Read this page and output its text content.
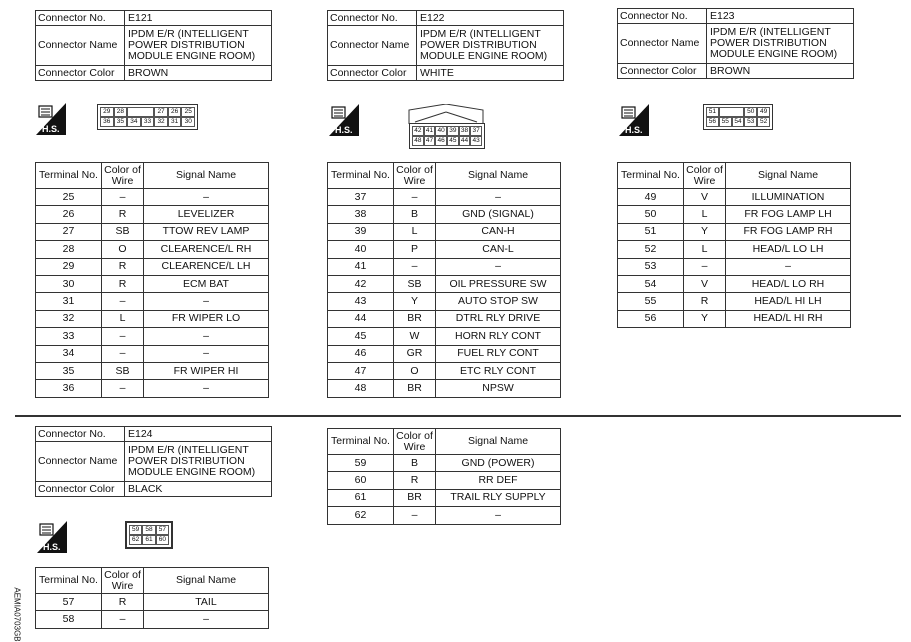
Connector No.	E121
Connector Name	IPDM E/R (INTELLIGENT POWER DISTRIBUTION MODULE ENGINE ROOM)
Connector Color	BROWN
Connector No.	E122
Connector Name	IPDM E/R (INTELLIGENT POWER DISTRIBUTION MODULE ENGINE ROOM)
Connector Color	WHITE
Connector No.	E123
Connector Name	IPDM E/R (INTELLIGENT POWER DISTRIBUTION MODULE ENGINE ROOM)
Connector Color	BROWN
Connector No.	E124
Connector Name	IPDM E/R (INTELLIGENT POWER DISTRIBUTION MODULE ENGINE ROOM)
Connector Color	BLACK
H.S.	H.S.	H.S.
H.S.
29 28	27 26 25
36 35 34 33 32 31 30
42 41 40 39 38 37
48 47 46 45 44 43
51	50 49
56 55 54 53 52
59 58 57
62 61 60
Terminal No.	Color of Wire	Signal Name
25	–	–
26	R	LEVELIZER
27	SB	TTOW REV LAMP
28	O	CLEARENCE/L RH
29	R	CLEARENCE/L LH
30	R	ECM BAT
31	–	–
32	L	FR WIPER LO
33	–	–
34	–	–
35	SB	FR WIPER HI
36	–	–
Terminal No.	Color of Wire	Signal Name
37	–	–
38	B	GND (SIGNAL)
39	L	CAN-H
40	P	CAN-L
41	–	–
42	SB	OIL PRESSURE SW
43	Y	AUTO STOP SW
44	BR	DTRL RLY DRIVE
45	W	HORN RLY CONT
46	GR	FUEL RLY CONT
47	O	ETC RLY CONT
48	BR	NPSW
Terminal No.	Color of Wire	Signal Name
49	V	ILLUMINATION
50	L	FR FOG LAMP LH
51	Y	FR FOG LAMP RH
52	L	HEAD/L LO LH
53	–	–
54	V	HEAD/L LO RH
55	R	HEAD/L HI LH
56	Y	HEAD/L HI RH
Terminal No.	Color of Wire	Signal Name
57	R	TAIL
58	–	–
Terminal No.	Color of Wire	Signal Name
59	B	GND (POWER)
60	R	RR DEF
61	BR	TRAIL RLY SUPPLY
62	–	–
AEMIA0703GB
